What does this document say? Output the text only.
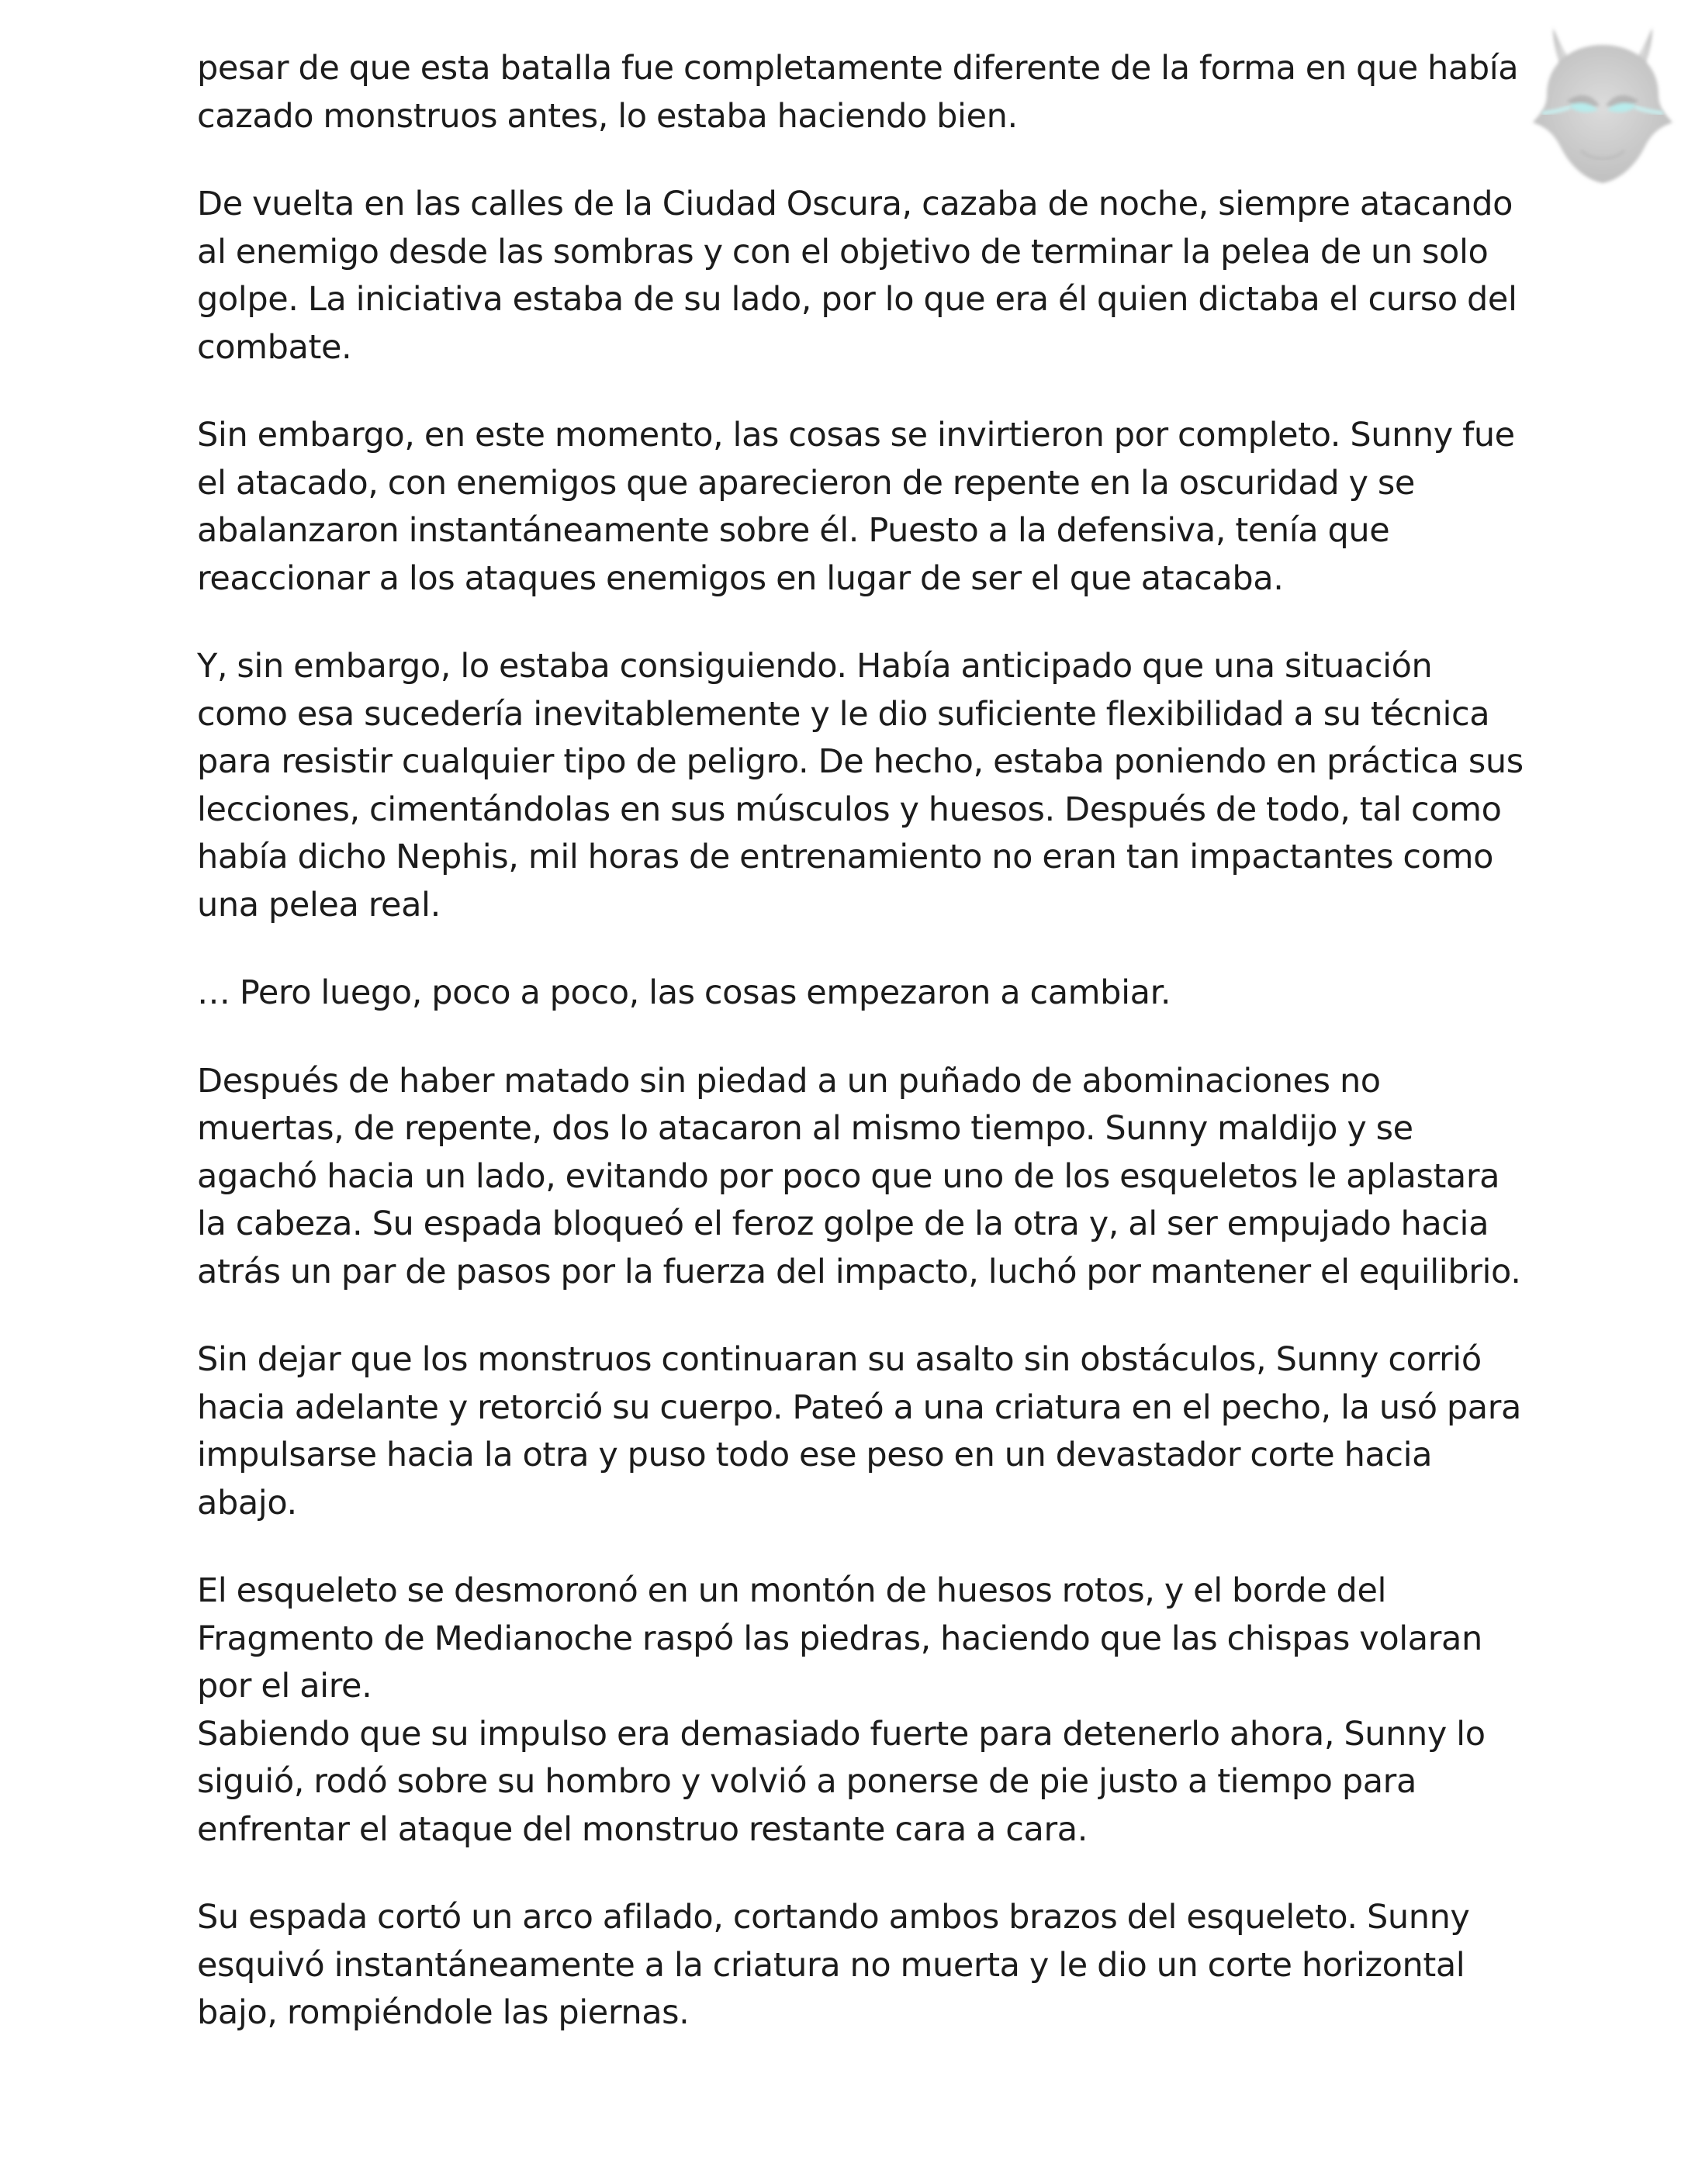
pesar de que esta batalla fue completamente diferente de la forma en que había cazado monstruos antes, lo estaba haciendo bien.

De vuelta en las calles de la Ciudad Oscura, cazaba de noche, siempre atacando al enemigo desde las sombras y con el objetivo de terminar la pelea de un solo golpe. La iniciativa estaba de su lado, por lo que era él quien dictaba el curso del combate.

Sin embargo, en este momento, las cosas se invirtieron por completo. Sunny fue el atacado, con enemigos que aparecieron de repente en la oscuridad y se abalanzaron instantáneamente sobre él. Puesto a la defensiva, tenía que reaccionar a los ataques enemigos en lugar de ser el que atacaba.

Y, sin embargo, lo estaba consiguiendo. Había anticipado que una situación como esa sucedería inevitablemente y le dio suficiente flexibilidad a su técnica para resistir cualquier tipo de peligro. De hecho, estaba poniendo en práctica sus lecciones, cimentándolas en sus músculos y huesos. Después de todo, tal como había dicho Nephis, mil horas de entrenamiento no eran tan impactantes como una pelea real.

… Pero luego, poco a poco, las cosas empezaron a cambiar.

Después de haber matado sin piedad a un puñado de abominaciones no muertas, de repente, dos lo atacaron al mismo tiempo. Sunny maldijo y se agachó hacia un lado, evitando por poco que uno de los esqueletos le aplastara la cabeza. Su espada bloqueó el feroz golpe de la otra y, al ser empujado hacia atrás un par de pasos por la fuerza del impacto, luchó por mantener el equilibrio.

Sin dejar que los monstruos continuaran su asalto sin obstáculos, Sunny corrió hacia adelante y retorció su cuerpo. Pateó a una criatura en el pecho, la usó para impulsarse hacia la otra y puso todo ese peso en un devastador corte hacia abajo.

El esqueleto se desmoronó en un montón de huesos rotos, y el borde del Fragmento de Medianoche raspó las piedras, haciendo que las chispas volaran por el aire.

Sabiendo que su impulso era demasiado fuerte para detenerlo ahora, Sunny lo siguió, rodó sobre su hombro y volvió a ponerse de pie justo a tiempo para enfrentar el ataque del monstruo restante cara a cara.

Su espada cortó un arco afilado, cortando ambos brazos del esqueleto. Sunny esquivó instantáneamente a la criatura no muerta y le dio un corte horizontal bajo, rompiéndole las piernas.
